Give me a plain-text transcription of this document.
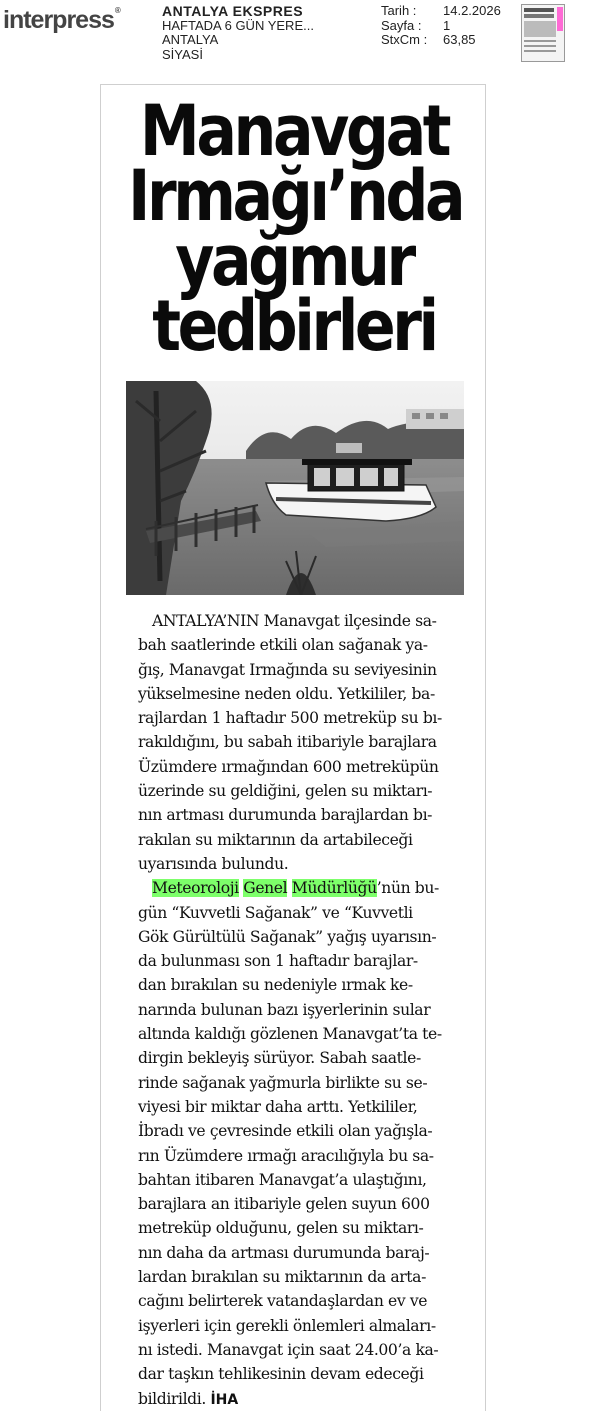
interpress®	ANTALYA EKSPRES
HAFTADA 6 GÜN YERE...
ANTALYA
SİYASİ
Tarih :	14.2.2026
Sayfa :	1
StxCm :	63,85
Manavgat
Irmağı’nda
yağmur
tedbirleri
ANTALYA’NIN Manavgat ilçesinde sa-
bah saatlerinde etkili olan sağanak ya-
ğış, Manavgat Irmağında su seviyesinin
yükselmesine neden oldu. Yetkililer, ba-
rajlardan 1 haftadır 500 metreküp su bı-
rakıldığını, bu sabah itibariyle barajlara
Üzümdere ırmağından 600 metreküpün
üzerinde su geldiğini, gelen su miktarı-
nın artması durumunda barajlardan bı-
rakılan su miktarının da artabileceği
uyarısında bulundu.
Meteoroloji Genel Müdürlüğü’nün bu-
gün “Kuvvetli Sağanak” ve “Kuvvetli
Gök Gürültülü Sağanak” yağış uyarısın-
da bulunması son 1 haftadır barajlar-
dan bırakılan su nedeniyle ırmak ke-
narında bulunan bazı işyerlerinin sular
altında kaldığı gözlenen Manavgat’ta te-
dirgin bekleyiş sürüyor. Sabah saatle-
rinde sağanak yağmurla birlikte su se-
viyesi bir miktar daha arttı. Yetkililer,
İbradı ve çevresinde etkili olan yağışla-
rın Üzümdere ırmağı aracılığıyla bu sa-
bahtan itibaren Manavgat’a ulaştığını,
barajlara an itibariyle gelen suyun 600
metreküp olduğunu, gelen su miktarı-
nın daha da artması durumunda baraj-
lardan bırakılan su miktarının da arta-
cağını belirterek vatandaşlardan ev ve
işyerleri için gerekli önlemleri almaları-
nı istedi. Manavgat için saat 24.00’a ka-
dar taşkın tehlikesinin devam edeceği
bildirildi. İHA
